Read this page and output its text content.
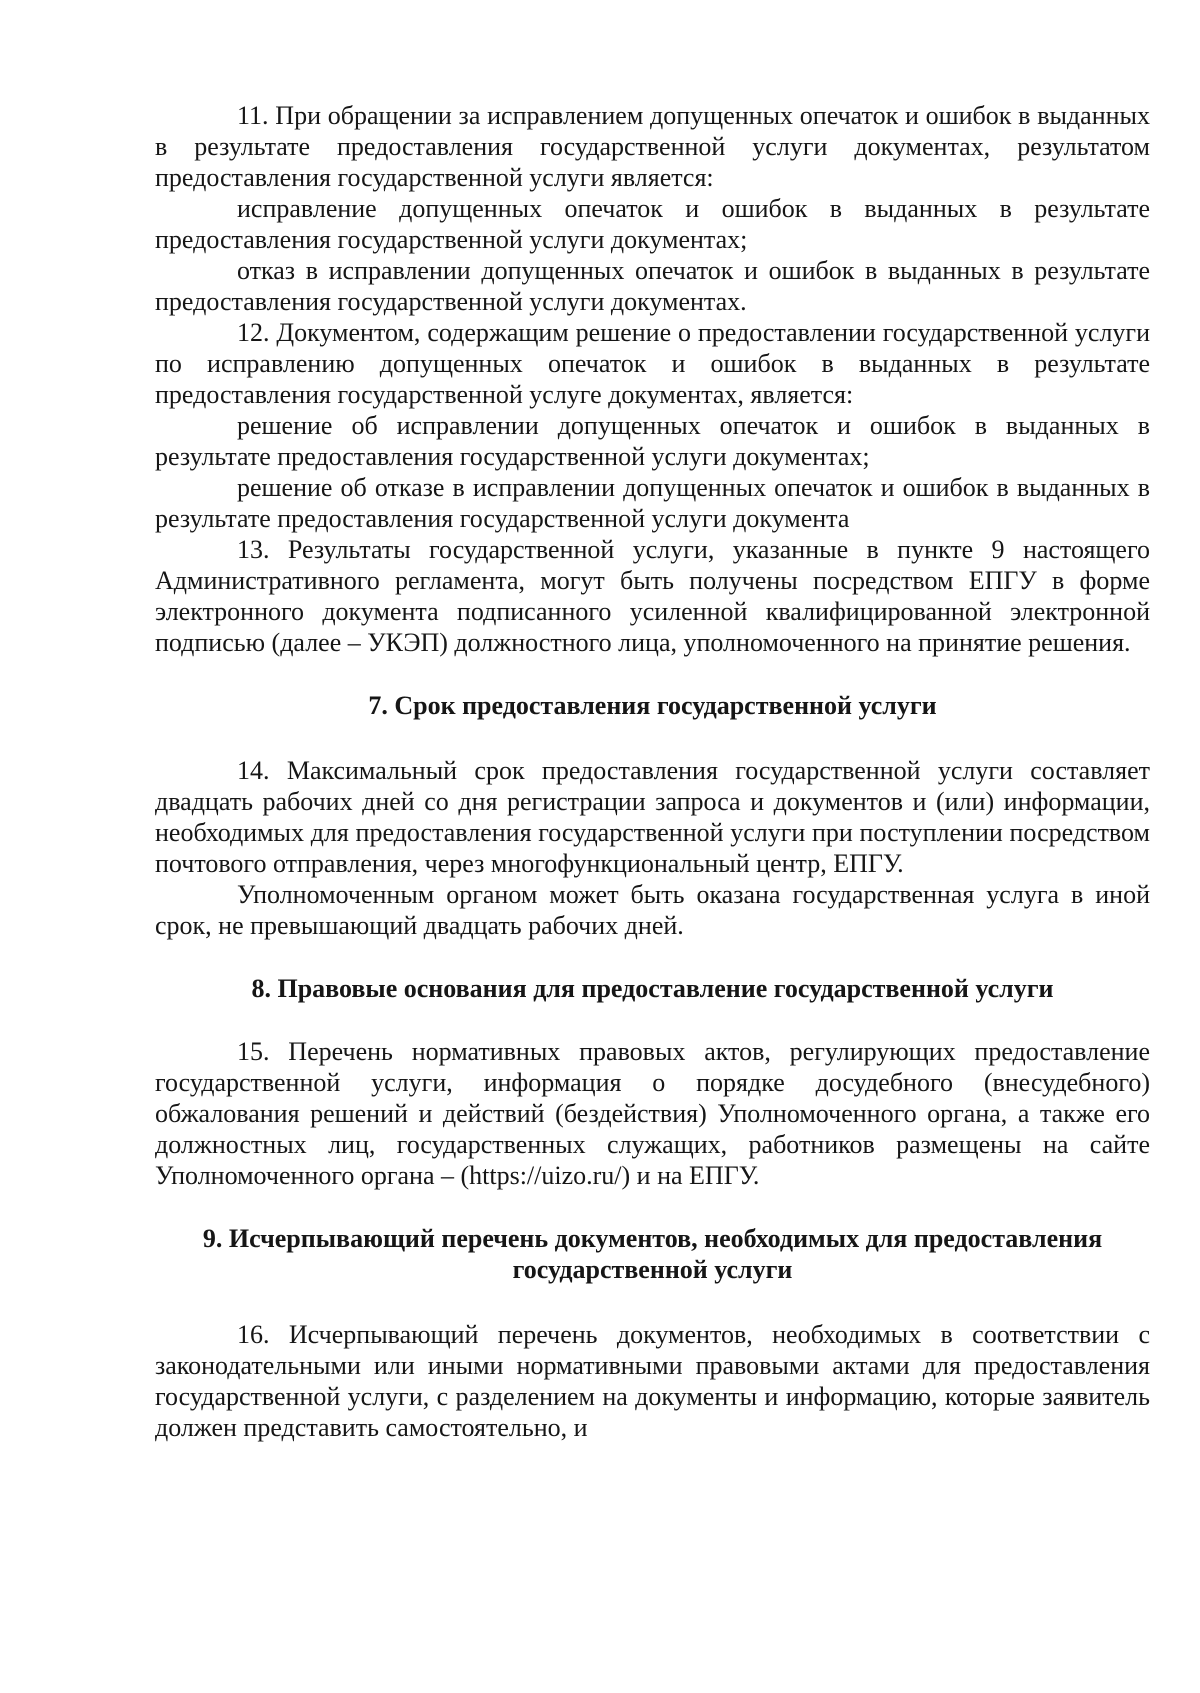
11. При обращении за исправлением допущенных опечаток и ошибок в выданных в результате предоставления государственной услуги документах, результатом предоставления государственной услуги является:

исправление допущенных опечаток и ошибок в выданных в результате предоставления государственной услуги документах;

отказ в исправлении допущенных опечаток и ошибок в выданных в результате предоставления государственной услуги документах.

12. Документом, содержащим решение о предоставлении государственной услуги по исправлению допущенных опечаток и ошибок в выданных в результате предоставления государственной услуге документах, является:

решение об исправлении допущенных опечаток и ошибок в выданных в результате предоставления государственной услуги документах;

решение об отказе в исправлении допущенных опечаток и ошибок в выданных в результате предоставления государственной услуги документа

13. Результаты государственной услуги, указанные в пункте 9 настоящего Административного регламента, могут быть получены посредством ЕПГУ в форме электронного документа подписанного усиленной квалифицированной электронной подписью (далее – УКЭП) должностного лица, уполномоченного на принятие решения.

7. Срок предоставления государственной услуги

14. Максимальный срок предоставления государственной услуги составляет двадцать рабочих дней со дня регистрации запроса и документов и (или) информации, необходимых для предоставления государственной услуги при поступлении посредством почтового отправления, через многофункциональный центр, ЕПГУ.

Уполномоченным органом может быть оказана государственная услуга в иной срок, не превышающий двадцать рабочих дней.

8. Правовые основания для предоставление государственной услуги

15. Перечень нормативных правовых актов, регулирующих предоставление государственной услуги, информация о порядке досудебного (внесудебного) обжалования решений и действий (бездействия) Уполномоченного органа, а также его должностных лиц, государственных служащих, работников размещены на сайте Уполномоченного органа – (https://uizo.ru/) и на ЕПГУ.

9. Исчерпывающий перечень документов, необходимых для предоставления

государственной услуги

16. Исчерпывающий перечень документов, необходимых в соответствии с законодательными или иными нормативными правовыми актами для предоставления государственной услуги, с разделением на документы и информацию, которые заявитель должен представить самостоятельно, и
